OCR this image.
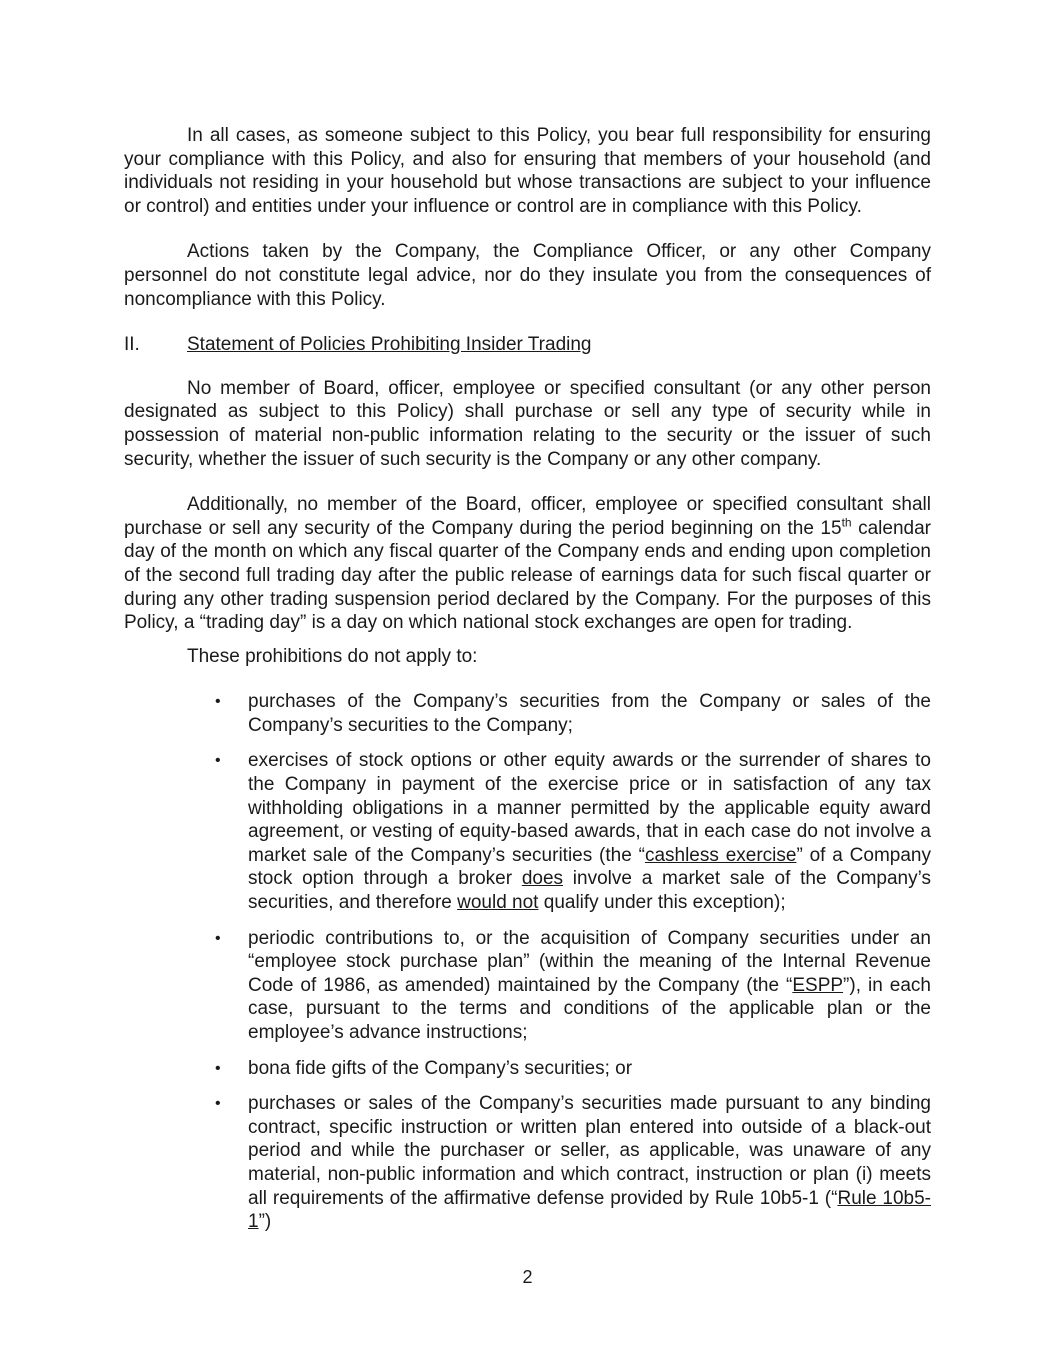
In all cases, as someone subject to this Policy, you bear full responsibility for ensuring your compliance with this Policy, and also for ensuring that members of your household (and individuals not residing in your household but whose transactions are subject to your influence or control) and entities under your influence or control are in compliance with this Policy.

Actions taken by the Company, the Compliance Officer, or any other Company personnel do not constitute legal advice, nor do they insulate you from the consequences of noncompliance with this Policy.

II.	Statement of Policies Prohibiting Insider Trading

No member of Board, officer, employee or specified consultant (or any other person designated as subject to this Policy) shall purchase or sell any type of security while in possession of material non-public information relating to the security or the issuer of such security, whether the issuer of such security is the Company or any other company.

Additionally, no member of the Board, officer, employee or specified consultant shall purchase or sell any security of the Company during the period beginning on the 15th calendar day of the month on which any fiscal quarter of the Company ends and ending upon completion of the second full trading day after the public release of earnings data for such fiscal quarter or during any other trading suspension period declared by the Company. For the purposes of this Policy, a “trading day” is a day on which national stock exchanges are open for trading.

These prohibitions do not apply to:

• purchases of the Company’s securities from the Company or sales of the Company’s securities to the Company;
• exercises of stock options or other equity awards or the surrender of shares to the Company in payment of the exercise price or in satisfaction of any tax withholding obligations in a manner permitted by the applicable equity award agreement, or vesting of equity-based awards, that in each case do not involve a market sale of the Company’s securities (the “cashless exercise” of a Company stock option through a broker does involve a market sale of the Company’s securities, and therefore would not qualify under this exception);
• periodic contributions to, or the acquisition of Company securities under an “employee stock purchase plan” (within the meaning of the Internal Revenue Code of 1986, as amended) maintained by the Company (the “ESPP”), in each case, pursuant to the terms and conditions of the applicable plan or the employee’s advance instructions;
• bona fide gifts of the Company’s securities; or
• purchases or sales of the Company’s securities made pursuant to any binding contract, specific instruction or written plan entered into outside of a black-out period and while the purchaser or seller, as applicable, was unaware of any material, non-public information and which contract, instruction or plan (i) meets all requirements of the affirmative defense provided by Rule 10b5-1 (“Rule 10b5-1”)
2
